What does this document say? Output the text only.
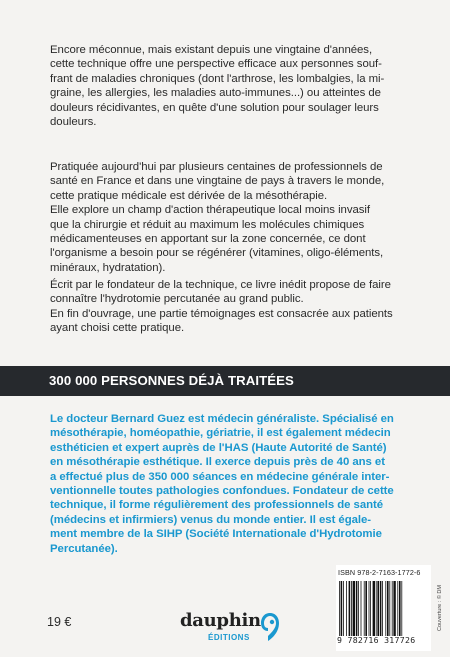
Encore méconnue, mais existant depuis une vingtaine d'années,
cette technique offre une perspective efficace aux personnes souf-
frant de maladies chroniques (dont l'arthrose, les lombalgies, la mi-
graine, les allergies, les maladies auto-immunes...) ou atteintes de
douleurs récidivantes, en quête d'une solution pour soulager leurs
douleurs.
Pratiquée aujourd'hui par plusieurs centaines de professionnels de
santé en France et dans une vingtaine de pays à travers le monde,
cette pratique médicale est dérivée de la mésothérapie.
Elle explore un champ d'action thérapeutique local moins invasif
que la chirurgie et réduit au maximum les molécules chimiques
médicamenteuses en apportant sur la zone concernée, ce dont
l'organisme a besoin pour se régénérer (vitamines, oligo-éléments,
minéraux, hydratation).
Écrit par le fondateur de la technique, ce livre inédit propose de faire
connaître l'hydrotomie percutanée au grand public.
En fin d'ouvrage, une partie témoignages est consacrée aux patients
ayant choisi cette pratique.
300 000 PERSONNES DÉJÀ TRAITÉES
Le docteur Bernard Guez est médecin généraliste. Spécialisé en
mésothérapie, homéopathie, gériatrie, il est également médecin
esthéticien et expert auprès de l'HAS (Haute Autorité de Santé)
en mésothérapie esthétique. Il exerce depuis près de 40 ans et
a effectué plus de 350 000 séances en médecine générale inter-
ventionnelle toutes pathologies confondues. Fondateur de cette
technique, il forme régulièrement des professionnels de santé
(médecins et infirmiers) venus du monde entier. Il est égale-
ment membre de la SIHP (Société Internationale d'Hydrotomie
Percutanée).
19 €	dauphin
ÉDITIONS
ISBN 978-2-7163-1772-6
9 782716 317726
Couverture : © DM
